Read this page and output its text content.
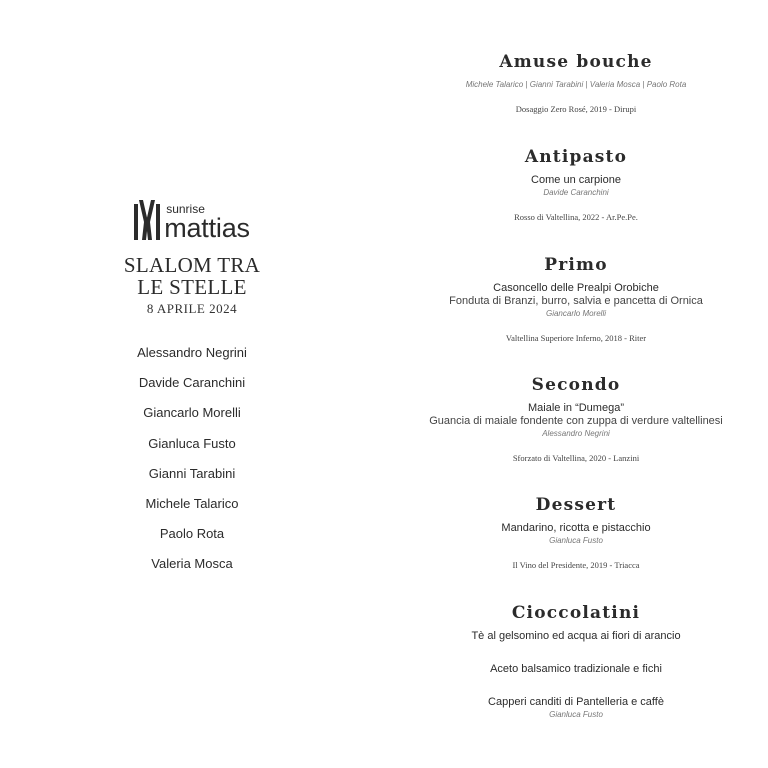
sunrise
mattias
SLALOM TRA
LE STELLE
8 APRILE 2024
Alessandro Negrini
Davide Caranchini
Giancarlo Morelli
Gianluca Fusto
Gianni Tarabini
Michele Talarico
Paolo Rota
Valeria Mosca
Amuse bouche
Michele Talarico | Gianni Tarabini | Valeria Mosca | Paolo Rota
Dosaggio Zero Rosé, 2019 - Dirupi
Antipasto
Come un carpione
Davide Caranchini
Rosso di Valtellina, 2022 - Ar.Pe.Pe.
Primo
Casoncello delle Prealpi Orobiche
Fonduta di Branzi, burro, salvia e pancetta di Ornica
Giancarlo Morelli
Valtellina Superiore Inferno, 2018 - Riter
Secondo
Maiale in “Dumega”
Guancia di maiale fondente con zuppa di verdure valtellinesi
Alessandro Negrini
Sforzato di Valtellina, 2020 - Lanzini
Dessert
Mandarino, ricotta e pistacchio
Gianluca Fusto
Il Vino del Presidente, 2019 - Triacca
Cioccolatini
Tè al gelsomino ed acqua ai fiori di arancio
Aceto balsamico tradizionale e fichi
Capperi canditi di Pantelleria e caffè
Gianluca Fusto
